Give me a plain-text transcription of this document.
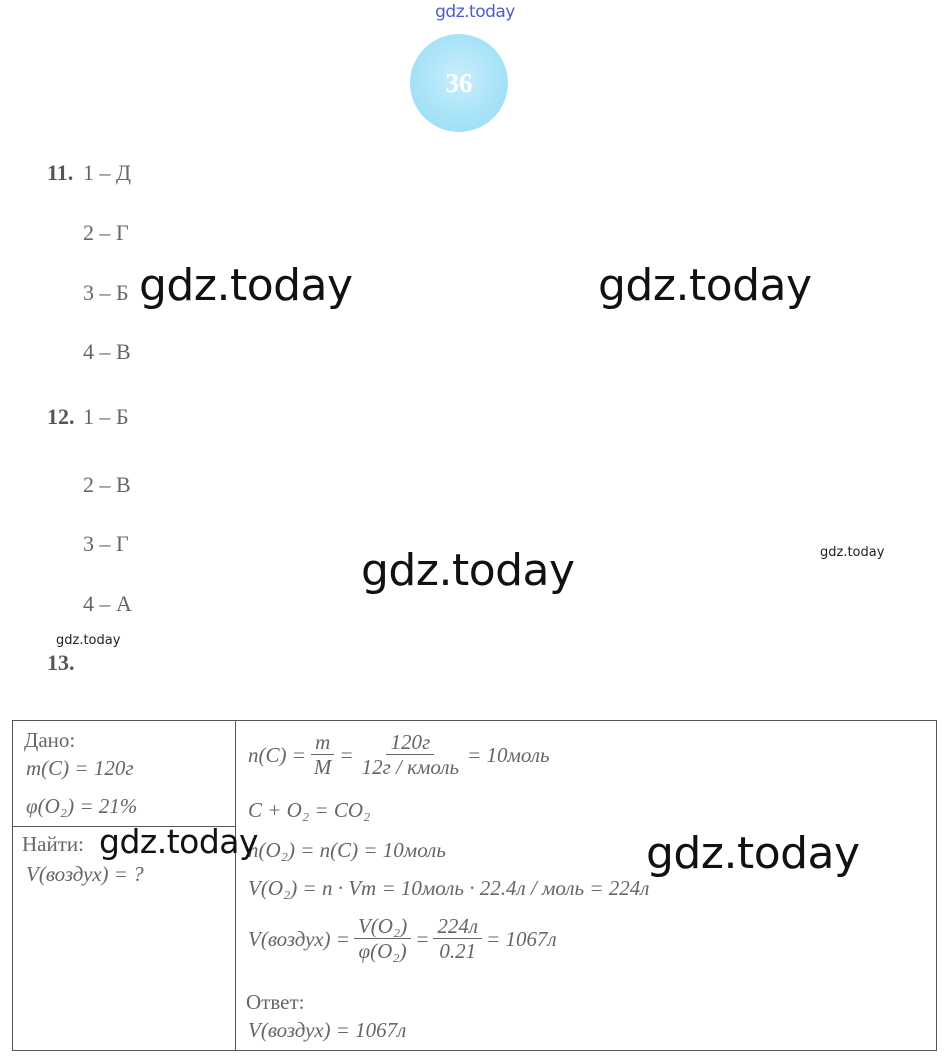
gdz.today
36
11. 1 – Д
2 – Г
3 – Б
4 – В
12. 1 – Б
2 – В
3 – Г
4 – А
13.
Дано:
m(C) = 120г
φ(O₂) = 21%
Найти:
V(воздух) = ?
$n(C) = \frac{m}{M} = \frac{120г}{\text{12г / кмоль}}$ = 10моль
C + O₂ = CO₂
n(O₂) = n(C) = 10моль
V(O₂) = n · Vm = 10моль · 22.4л / моль = 224л
V(воздух) = $\frac{\text{V(O₂)}}{\text{φ(O₂)}} = \frac{224л}{0.21} = 1067л$
Ответ:
V(воздух) = 1067л
gdz.today	gdz.today
gdz.today	gdz.today
gdz.today
gdz.today	gdz.today
